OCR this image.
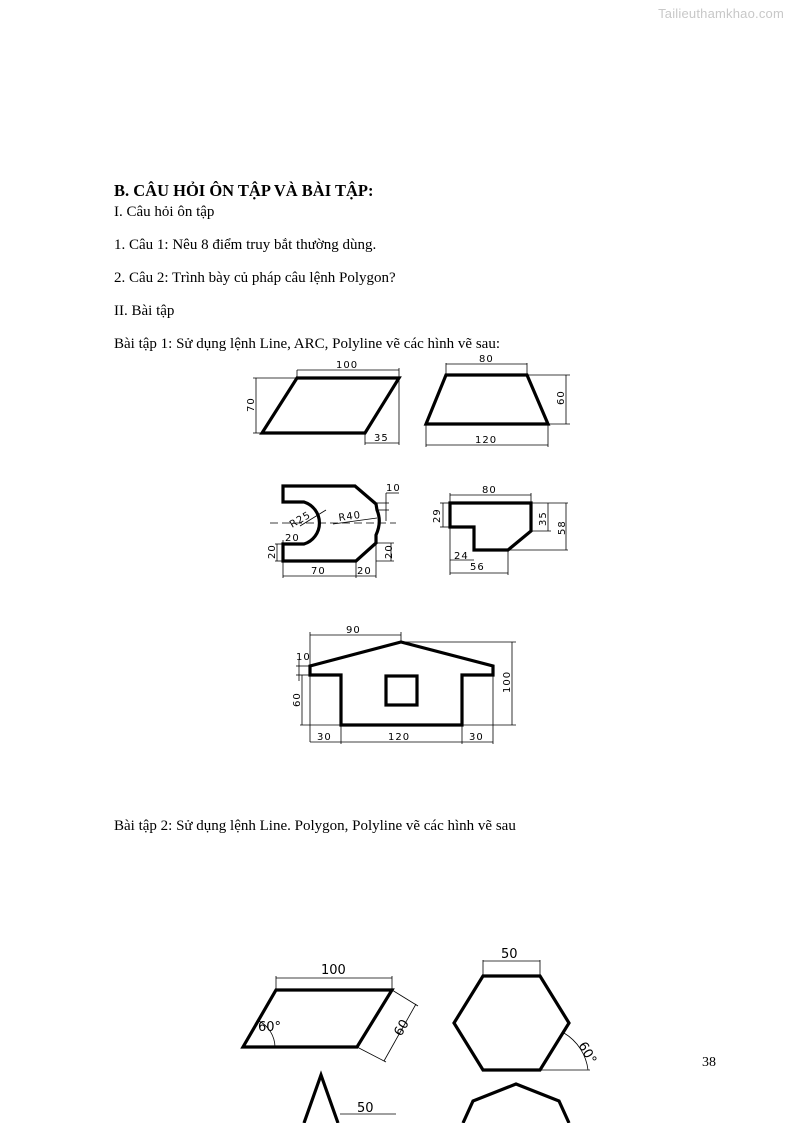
Tailieuthamkhao.com
B. CÂU HỎI ÔN TẬP VÀ BÀI TẬP:
I. Câu hỏi ôn tập
1. Câu 1: Nêu 8 điểm truy bắt thường dùng.
2. Câu 2: Trình bày củ pháp câu lệnh Polygon?
II. Bài tập
Bài tập 1: Sử dụng lệnh Line, ARC, Polyline vẽ các hình vẽ sau:
Bài tập 2: Sử dụng lệnh Line. Polygon, Polyline vẽ các hình vẽ sau
100
70
35
80
120
60
10
R25 R40
20
20
70	20
20
80
29	35
58
24
56
90
10
60
100
30	120	30
100
60
60°
50
60°
50
38
